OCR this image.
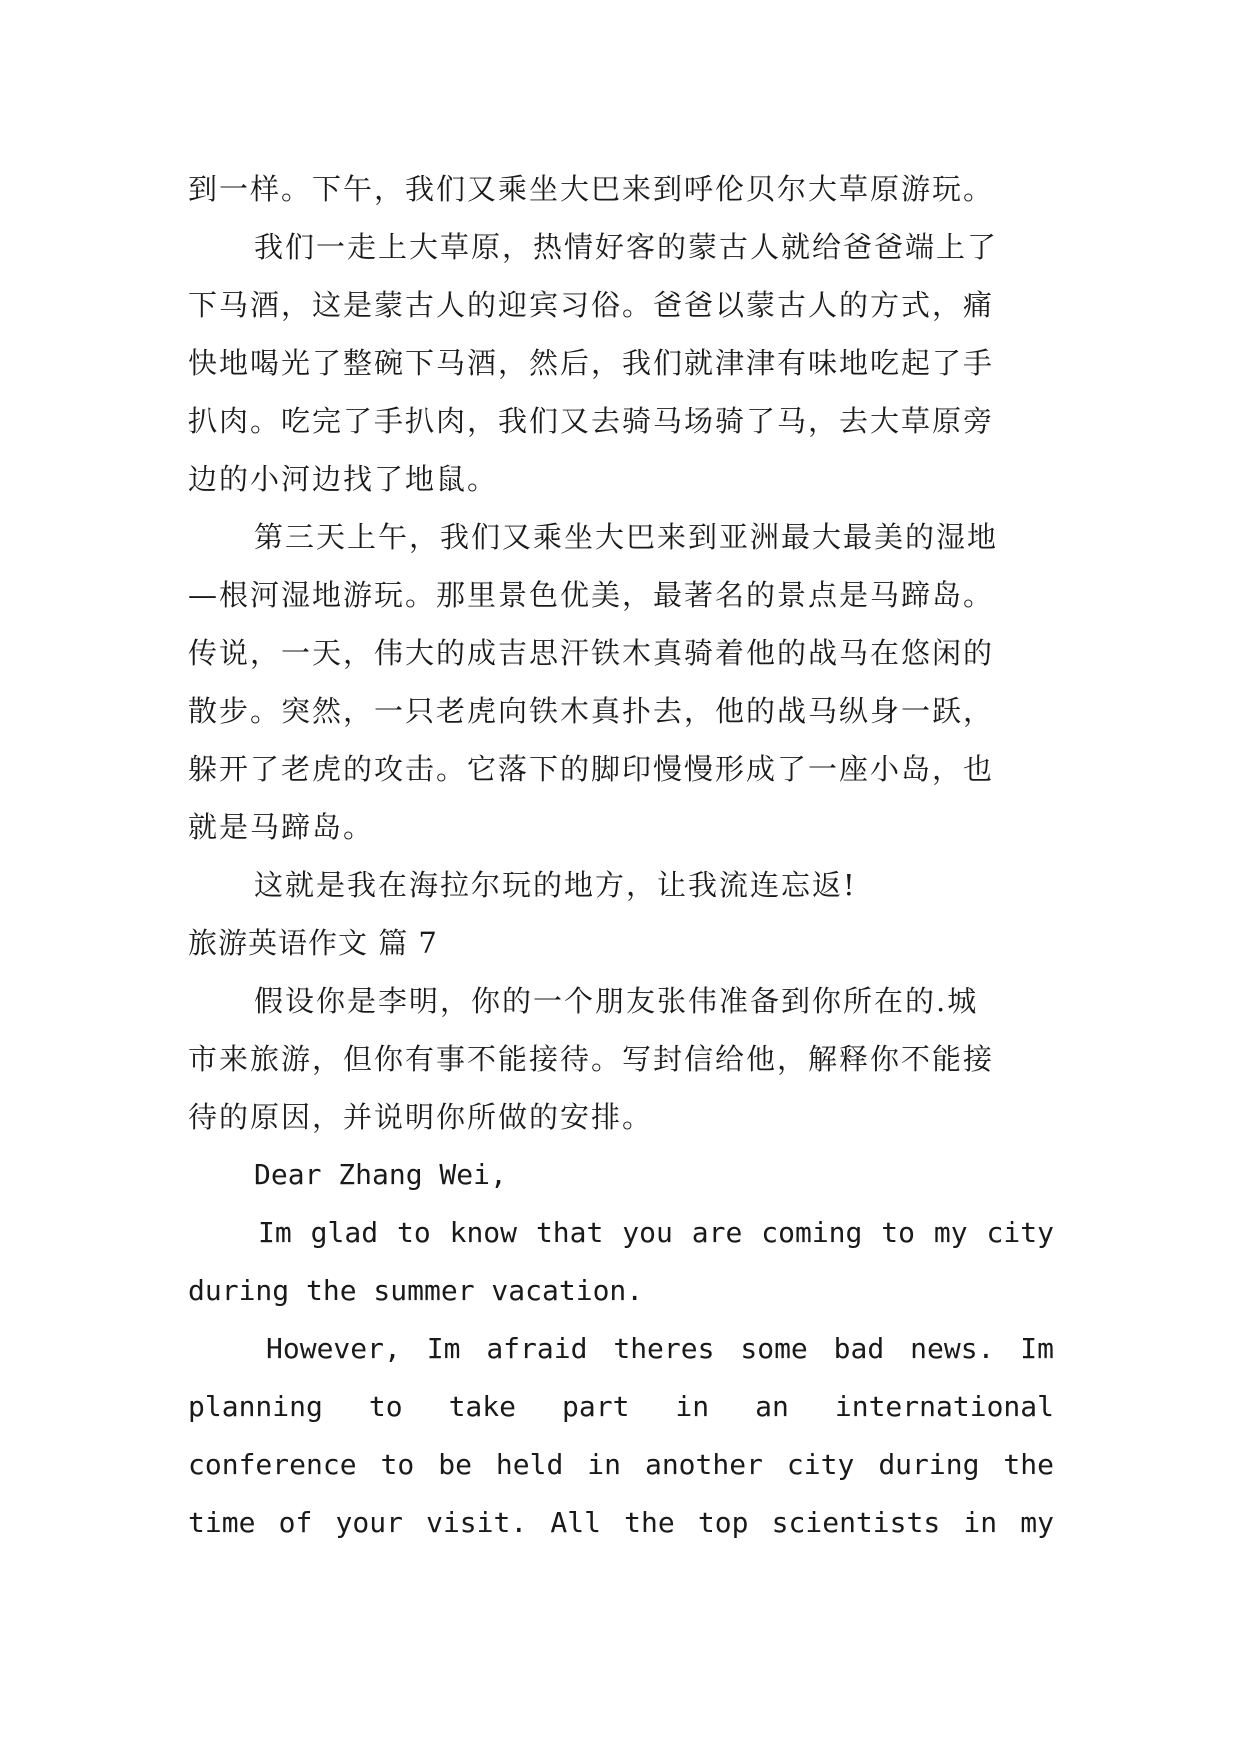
到一样。下午，我们又乘坐大巴来到呼伦贝尔大草原游玩。
我们一走上大草原，热情好客的蒙古人就给爸爸端上了
下马酒，这是蒙古人的迎宾习俗。爸爸以蒙古人的方式，痛
快地喝光了整碗下马酒，然后，我们就津津有味地吃起了手
扒肉。吃完了手扒肉，我们又去骑马场骑了马，去大草原旁
边的小河边找了地鼠。
第三天上午，我们又乘坐大巴来到亚洲最大最美的湿地
—根河湿地游玩。那里景色优美，最著名的景点是马蹄岛。
传说，一天，伟大的成吉思汗铁木真骑着他的战马在悠闲的
散步。突然，一只老虎向铁木真扑去，他的战马纵身一跃，
躲开了老虎的攻击。它落下的脚印慢慢形成了一座小岛，也
就是马蹄岛。
这就是我在海拉尔玩的地方，让我流连忘返!
旅游英语作文 篇 7
假设你是李明，你的一个朋友张伟准备到你所在的.城
市来旅游，但你有事不能接待。写封信给他，解释你不能接
待的原因，并说明你所做的安排。
Dear Zhang Wei,
Im glad to know that you are coming to my city
during the summer vacation.
However, Im afraid theres some bad news. Im
planning to take part in an international
conference to be held in another city during the
time of your visit. All the top scientists in my
